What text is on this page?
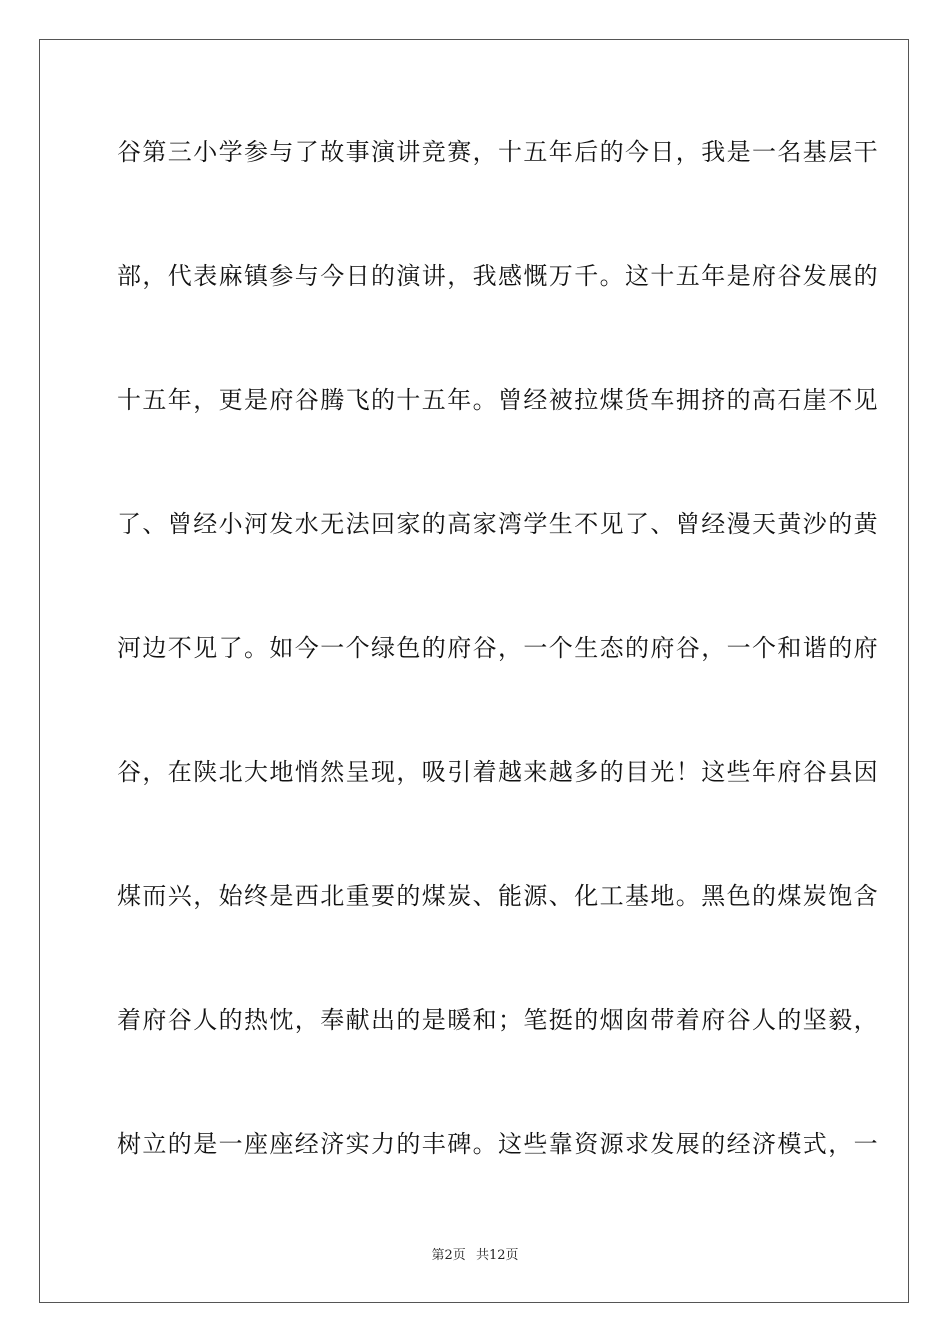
谷第三小学参与了故事演讲竞赛，十五年后的今日，我是一名基层干
部，代表麻镇参与今日的演讲，我感慨万千。这十五年是府谷发展的
十五年，更是府谷腾飞的十五年。曾经被拉煤货车拥挤的高石崖不见
了、曾经小河发水无法回家的高家湾学生不见了、曾经漫天黄沙的黄
河边不见了。如今一个绿色的府谷，一个生态的府谷，一个和谐的府
谷，在陕北大地悄然呈现，吸引着越来越多的目光！这些年府谷县因
煤而兴，始终是西北重要的煤炭、能源、化工基地。黑色的煤炭饱含
着府谷人的热忱，奉献出的是暖和；笔挺的烟囱带着府谷人的坚毅，
树立的是一座座经济实力的丰碑。这些靠资源求发展的经济模式，一
第2页 共12页
